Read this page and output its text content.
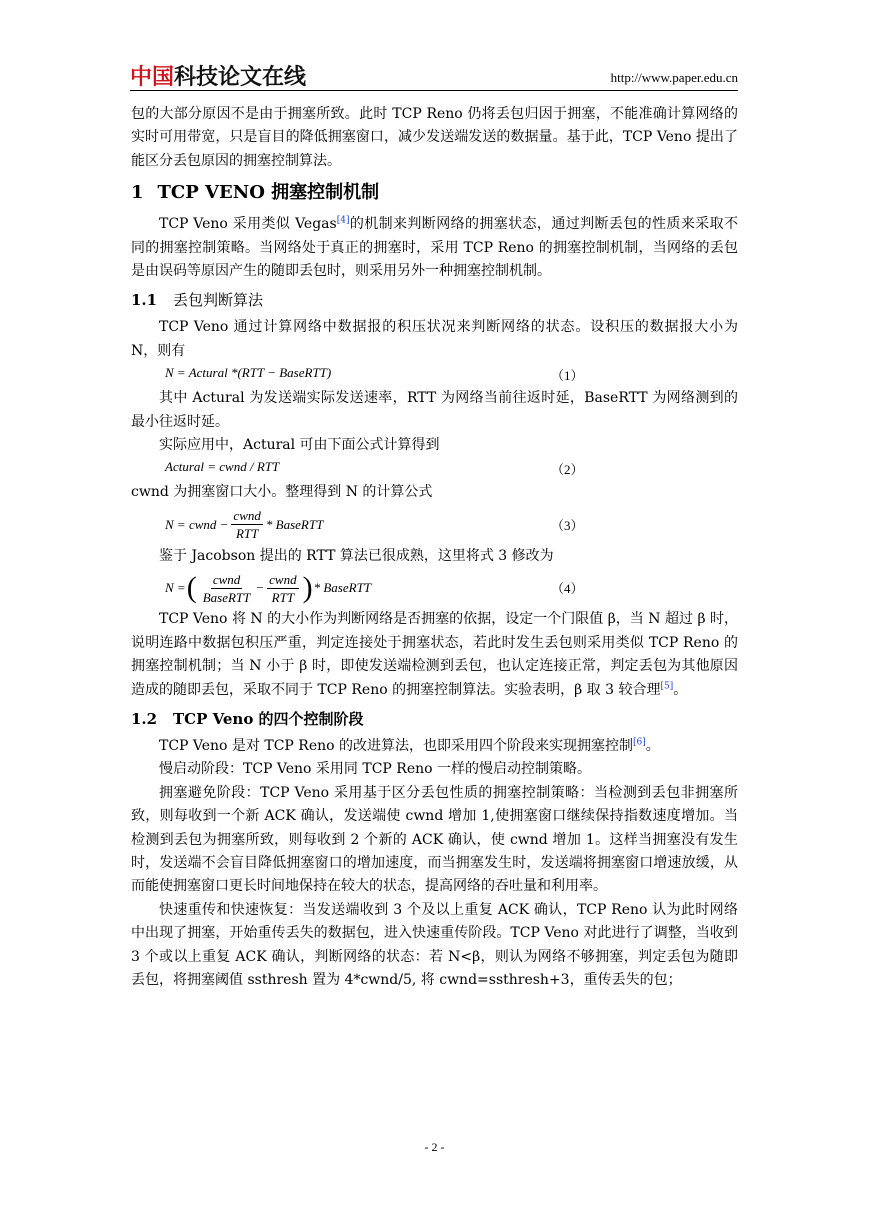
中国科技论文在线	http://www.paper.edu.cn

包的大部分原因不是由于拥塞所致。此时 TCP Reno 仍将丢包归因于拥塞，不能准确计算网络的实时可用带宽，只是盲目的降低拥塞窗口，减少发送端发送的数据量。基于此，TCP Veno 提出了能区分丢包原因的拥塞控制算法。

1 TCP VENO 拥塞控制机制

TCP Veno 采用类似 Vegas[4]的机制来判断网络的拥塞状态，通过判断丢包的性质来采取不同的拥塞控制策略。当网络处于真正的拥塞时，采用 TCP Reno 的拥塞控制机制，当网络的丢包是由误码等原因产生的随即丢包时，则采用另外一种拥塞控制机制。

1.1 丢包判断算法

TCP Veno 通过计算网络中数据报的积压状况来判断网络的状态。设积压的数据报大小为 N，则有

N = Actural *(RTT − BaseRTT)	（1）

其中 Actural 为发送端实际发送速率，RTT 为网络当前往返时延，BaseRTT 为网络测到的最小往返时延。

实际应用中，Actural 可由下面公式计算得到

Actural = cwnd / RTT	（2）

cwnd 为拥塞窗口大小。整理得到 N 的计算公式

N = cwnd − $\frac{\text{cwnd}}{\text{RTT}}$ * BaseRTT	（3）

鉴于 Jacobson 提出的 RTT 算法已很成熟，这里将式 3 修改为

N = ( $\frac{\text{cwnd}}{\text{BaseRTT}} - \frac{\text{cwnd}}{\text{RTT}}$ ) * BaseRTT	（4）

TCP Veno 将 N 的大小作为判断网络是否拥塞的依据，设定一个门限值 β，当 N 超过 β 时，说明连路中数据包积压严重，判定连接处于拥塞状态，若此时发生丢包则采用类似 TCP Reno 的拥塞控制机制；当 N 小于 β 时，即使发送端检测到丢包，也认定连接正常，判定丢包为其他原因造成的随即丢包，采取不同于 TCP Reno 的拥塞控制算法。实验表明，β 取 3 较合理[5]。

1.2 TCP Veno 的四个控制阶段

TCP Veno 是对 TCP Reno 的改进算法，也即采用四个阶段来实现拥塞控制[6]。

慢启动阶段：TCP Veno 采用同 TCP Reno 一样的慢启动控制策略。

拥塞避免阶段：TCP Veno 采用基于区分丢包性质的拥塞控制策略：当检测到丢包非拥塞所致，则每收到一个新 ACK 确认，发送端使 cwnd 增加 1,使拥塞窗口继续保持指数速度增加。当检测到丢包为拥塞所致，则每收到 2 个新的 ACK 确认，使 cwnd 增加 1。这样当拥塞没有发生时，发送端不会盲目降低拥塞窗口的增加速度，而当拥塞发生时，发送端将拥塞窗口增速放缓，从而能使拥塞窗口更长时间地保持在较大的状态，提高网络的吞吐量和利用率。

快速重传和快速恢复：当发送端收到 3 个及以上重复 ACK 确认，TCP Reno 认为此时网络中出现了拥塞，开始重传丢失的数据包，进入快速重传阶段。TCP Veno 对此进行了调整，当收到 3 个或以上重复 ACK 确认，判断网络的状态：若 N<β，则认为网络不够拥塞，判定丢包为随即丢包，将拥塞阈值 ssthresh 置为 4*cwnd/5, 将 cwnd=ssthresh+3，重传丢失的包；

- 2 -
